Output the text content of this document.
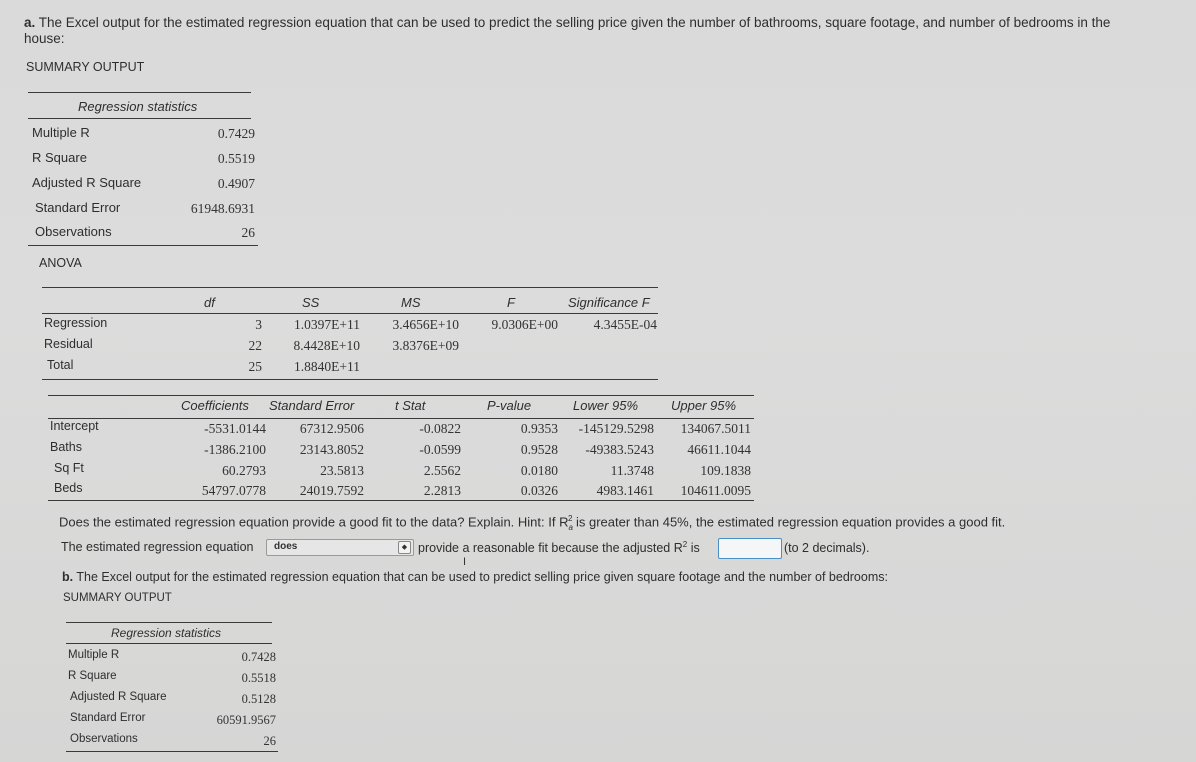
a. The Excel output for the estimated regression equation that can be used to predict the selling price given the number of bathrooms, square footage, and number of bedrooms in the
house:
SUMMARY OUTPUT
Regression statistics
Multiple R	0.7429
R Square	0.5519
Adjusted R Square	0.4907
Standard Error	61948.6931
Observations	26
ANOVA
df	SS	MS	F	Significance F
Regression	3 1.0397E+11 3.4656E+10 9.0306E+00	4.3455E-04
Residual	22 8.4428E+10 3.8376E+09
Total	25 1.8840E+11
Coefficients Standard Error	t Stat	P-value	Lower 95%	Upper 95%
Intercept	-5531.0144	67312.9506	-0.0822	0.9353 -145129.5298 134067.5011
Baths	-1386.2100	23143.8052	-0.0599	0.9528 -49383.5243 46611.1044
Sq Ft	60.2793	23.5813	2.5562	0.0180	11.3748	109.1838
Beds	54797.0778	24019.7592	2.2813	0.0326	4983.1461 104611.0095
Does the estimated regression equation provide a good fit to the data? Explain. Hint: If $R_a^2$ is greater than 45%, the estimated regression equation provides a good fit.
The estimated regression equation does	◆ provide a reasonable fit because the adjusted $R^2$ is	(to 2 decimals).
I
b. The Excel output for the estimated regression equation that can be used to predict selling price given square footage and the number of bedrooms:
SUMMARY OUTPUT
Regression statistics
Multiple R	0.7428
R Square	0.5518
Adjusted R Square	0.5128
Standard Error	60591.9567
Observations	26
